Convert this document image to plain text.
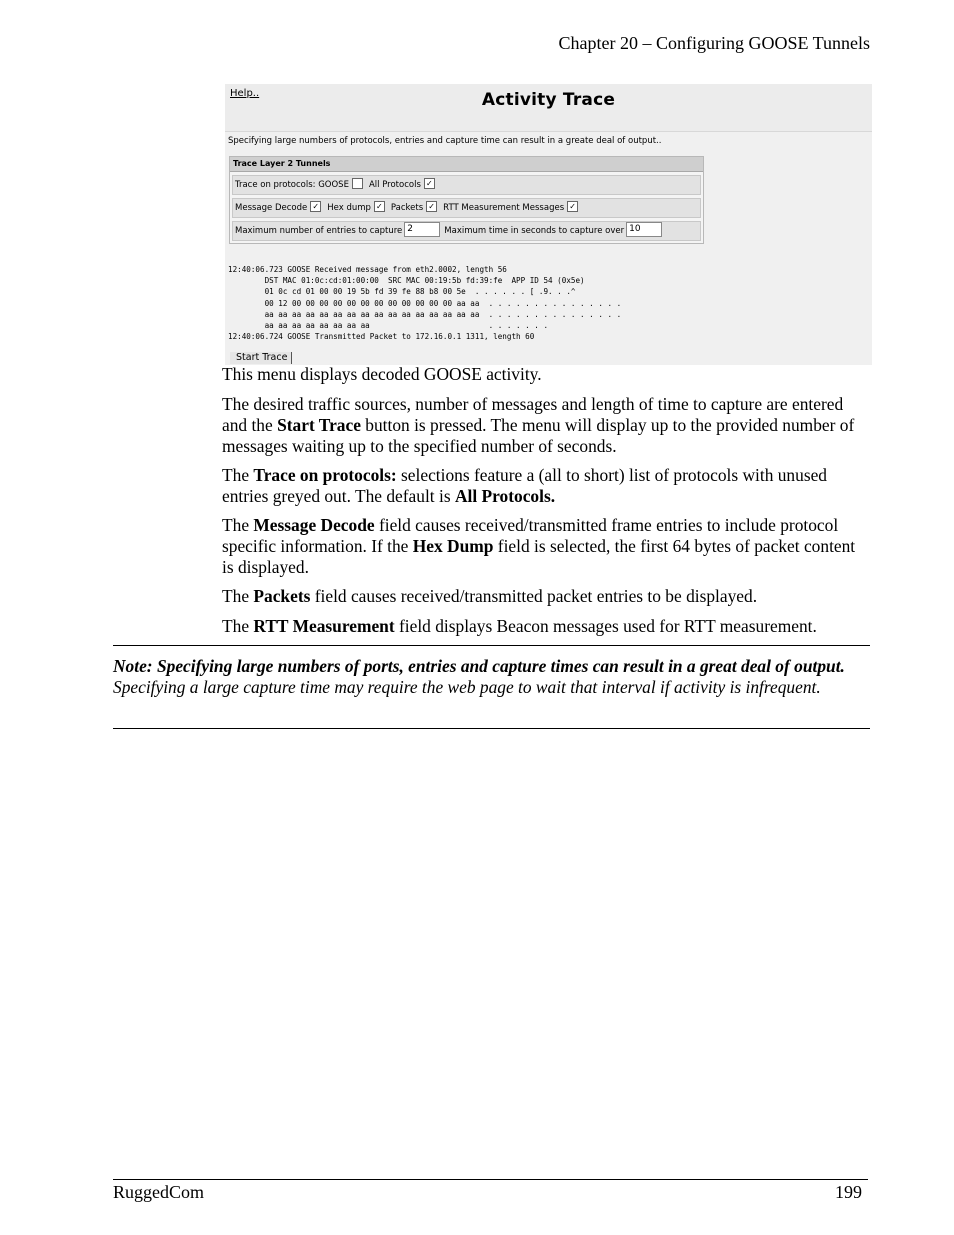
Chapter 20 – Configuring GOOSE Tunnels
Help..	Activity Trace
Specifying large numbers of protocols, entries and capture time can result in a greate deal of output..
Trace Layer 2 Tunnels
Trace on protocols: GOOSE All Protocols ✓
Message Decode ✓ Hex dump ✓ Packets ✓ RTT Measurement Messages ✓
Maximum number of entries to capture 2	Maximum time in seconds to capture over 10
12:40:06.723 GOOSE Received message from eth2.0002, length 56
DST MAC 01:0c:cd:01:00:00  SRC MAC 00:19:5b fd:39:fe  APP ID 54 (0x5e)
01 0c cd 01 00 00 19 5b fd 39 fe 88 b8 00 5e  . . . . . . [ .9. . .^
00 12 00 00 00 00 00 00 00 00 00 00 00 00 aa aa  . . . . . . . . . . . . . . .
aa aa aa aa aa aa aa aa aa aa aa aa aa aa aa aa  . . . . . . . . . . . . . . .
aa aa aa aa aa aa aa aa                          . . . . . . .
12:40:06.724 GOOSE Transmitted Packet to 172.16.0.1 1311, length 60
Start Trace

This menu displays decoded GOOSE activity.

The desired traffic sources, number of messages and length of time to capture are entered and the Start Trace button is pressed. The menu will display up to the provided number of messages waiting up to the specified number of seconds.

The Trace on protocols: selections feature a (all to short) list of protocols with unused entries greyed out. The default is All Protocols.

The Message Decode field causes received/transmitted frame entries to include protocol specific information. If the Hex Dump field is selected, the first 64 bytes of packet content is displayed.

The Packets field causes received/transmitted packet entries to be displayed.

The RTT Measurement field displays Beacon messages used for RTT measurement.

Note: Specifying large numbers of ports, entries and capture times can result in a great deal of output. Specifying a large capture time may require the web page to wait that interval if activity is infrequent.

RuggedCom	199
